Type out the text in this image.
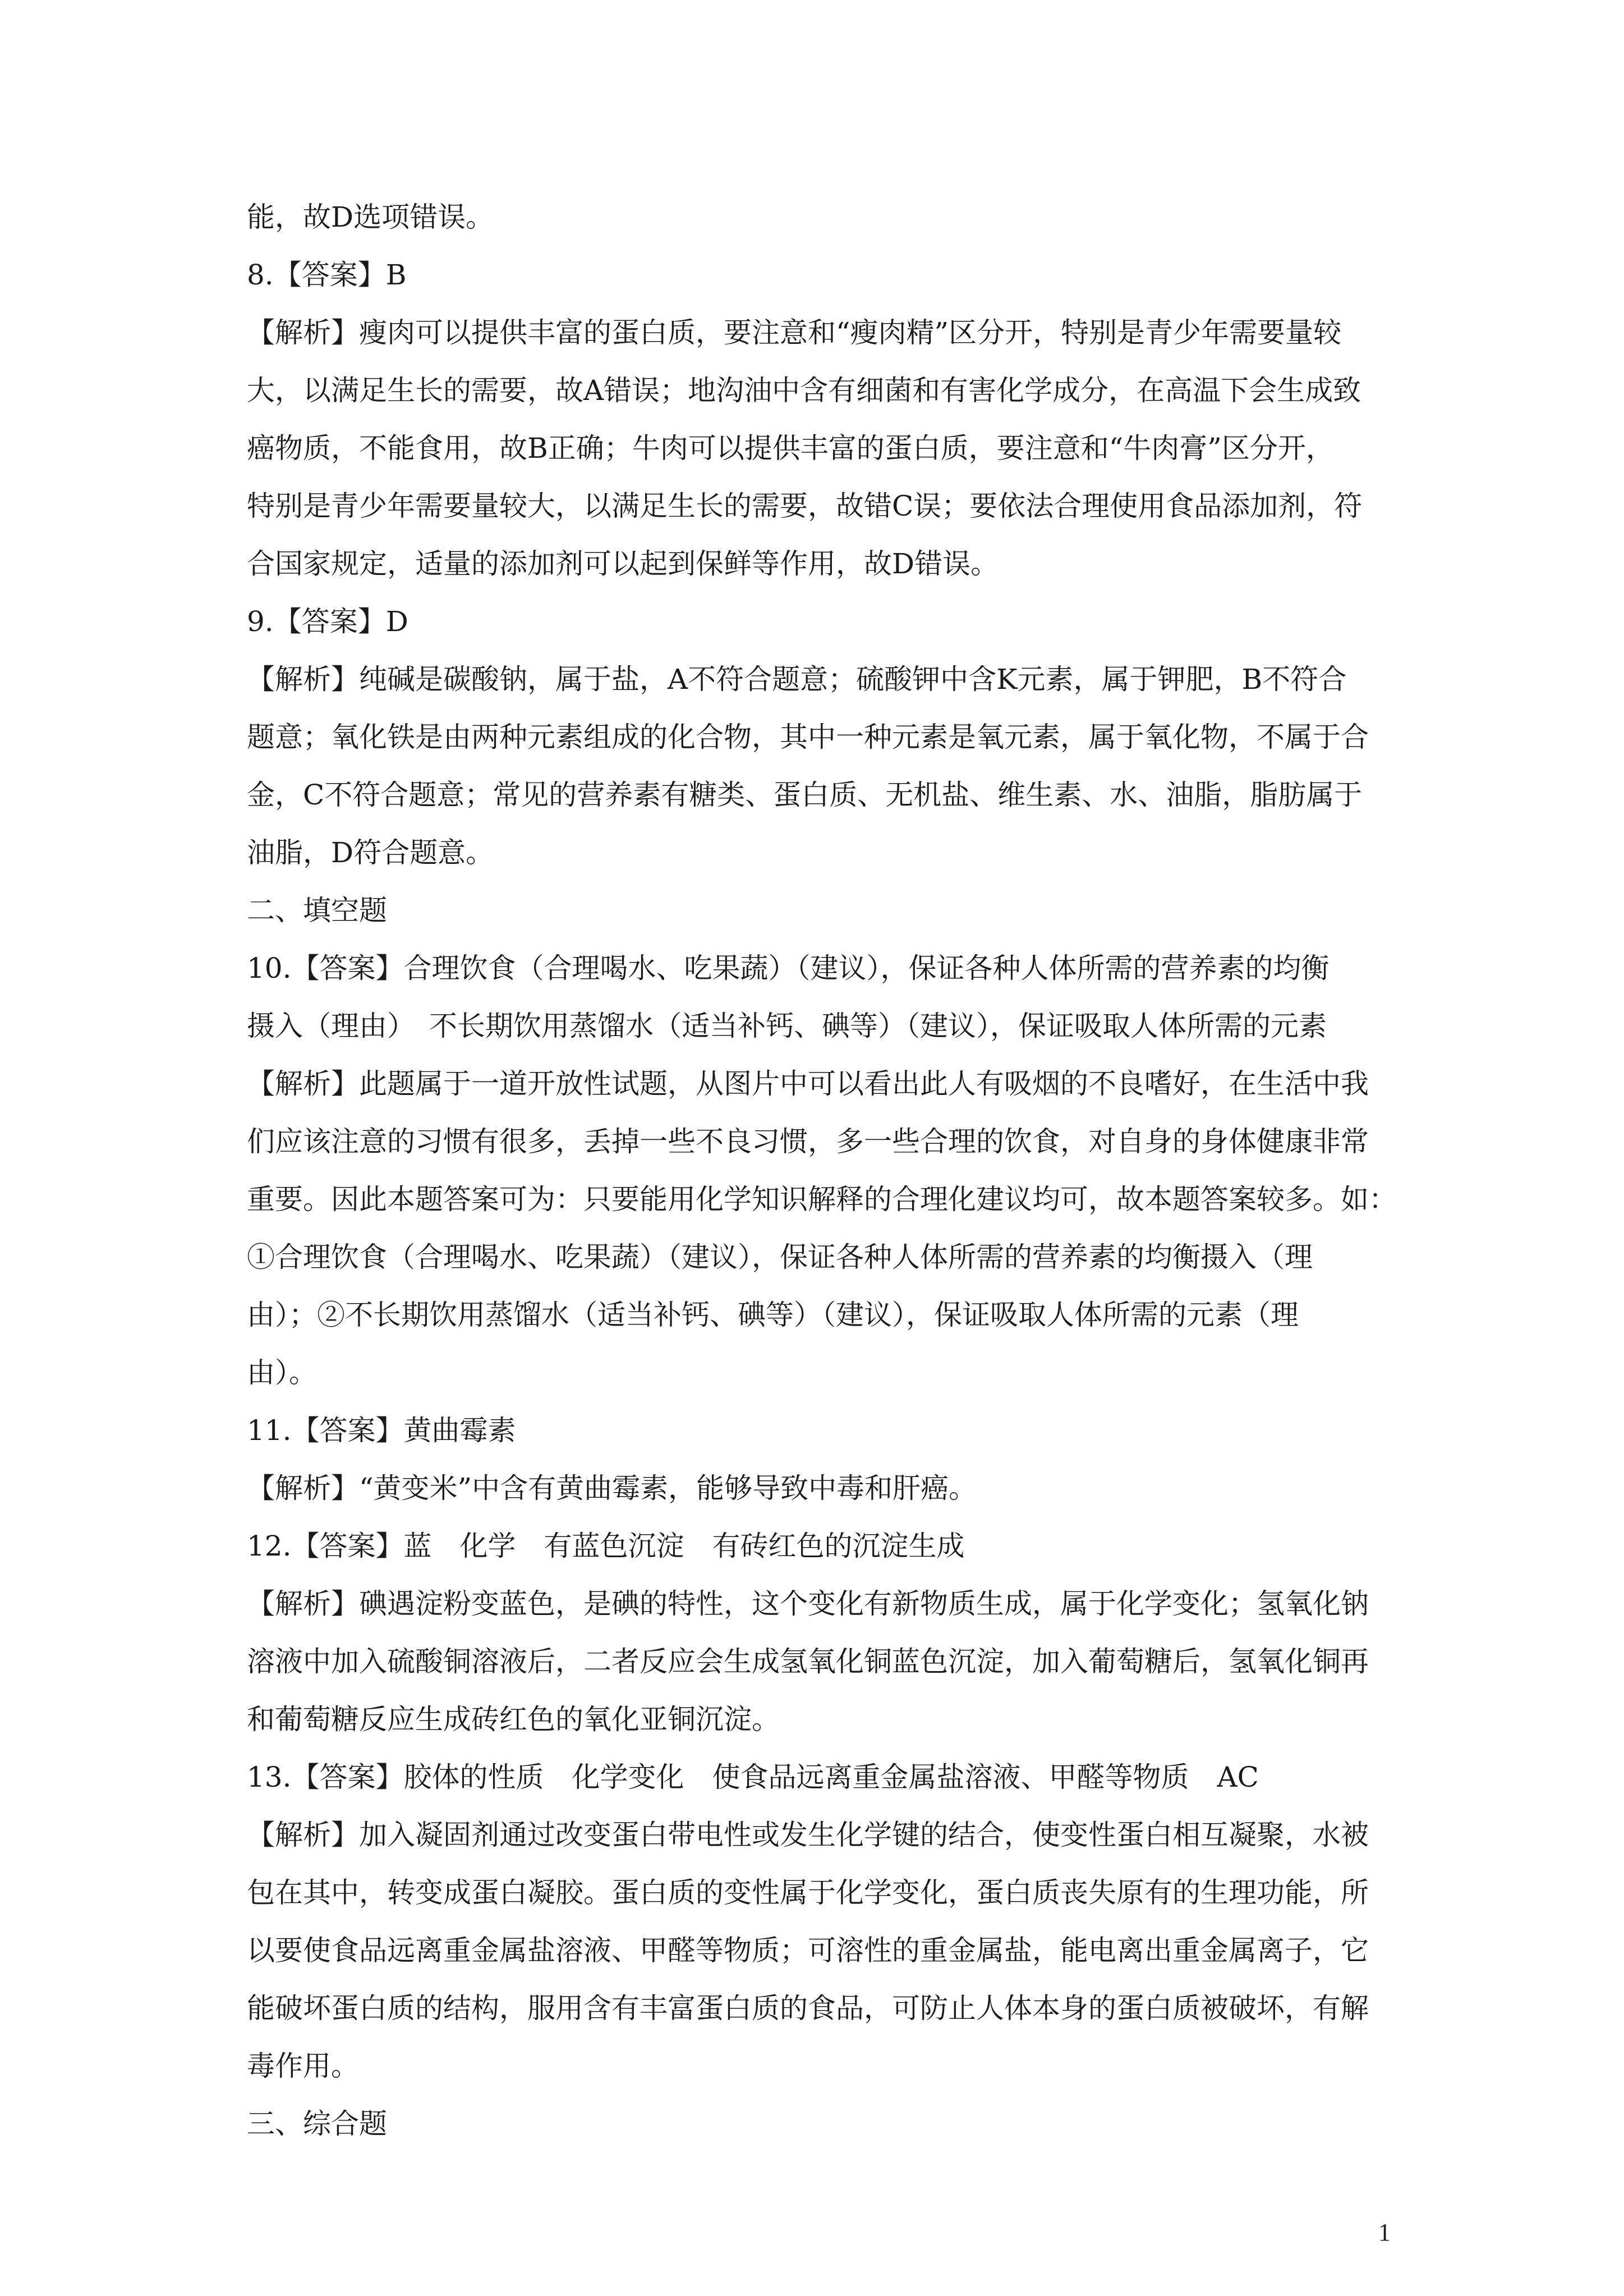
能，故D选项错误。
8.【答案】B
【解析】瘦肉可以提供丰富的蛋白质，要注意和“瘦肉精”区分开，特别是青少年需要量较
大，以满足生长的需要，故A错误；地沟油中含有细菌和有害化学成分，在高温下会生成致
癌物质，不能食用，故B正确；牛肉可以提供丰富的蛋白质，要注意和“牛肉膏”区分开，
特别是青少年需要量较大，以满足生长的需要，故错C误；要依法合理使用食品添加剂，符
合国家规定，适量的添加剂可以起到保鲜等作用，故D错误。
9.【答案】D
【解析】纯碱是碳酸钠，属于盐，A不符合题意；硫酸钾中含K元素，属于钾肥，B不符合
题意；氧化铁是由两种元素组成的化合物，其中一种元素是氧元素，属于氧化物，不属于合
金，C不符合题意；常见的营养素有糖类、蛋白质、无机盐、维生素、水、油脂，脂肪属于
油脂，D符合题意。
二、填空题
10.【答案】合理饮食（合理喝水、吃果蔬）（建议），保证各种人体所需的营养素的均衡
摄入（理由）　不长期饮用蒸馏水（适当补钙、碘等）（建议），保证吸取人体所需的元素
【解析】此题属于一道开放性试题，从图片中可以看出此人有吸烟的不良嗜好，在生活中我
们应该注意的习惯有很多，丢掉一些不良习惯，多一些合理的饮食，对自身的身体健康非常
重要。因此本题答案可为：只要能用化学知识解释的合理化建议均可，故本题答案较多。如：
①合理饮食（合理喝水、吃果蔬）（建议），保证各种人体所需的营养素的均衡摄入（理
由）；②不长期饮用蒸馏水（适当补钙、碘等）（建议），保证吸取人体所需的元素（理
由）。
11.【答案】黄曲霉素
【解析】“黄变米”中含有黄曲霉素，能够导致中毒和肝癌。
12.【答案】蓝　化学　有蓝色沉淀　有砖红色的沉淀生成
【解析】碘遇淀粉变蓝色，是碘的特性，这个变化有新物质生成，属于化学变化；氢氧化钠
溶液中加入硫酸铜溶液后，二者反应会生成氢氧化铜蓝色沉淀，加入葡萄糖后，氢氧化铜再
和葡萄糖反应生成砖红色的氧化亚铜沉淀。
13.【答案】胶体的性质　化学变化　使食品远离重金属盐溶液、甲醛等物质　AC
【解析】加入凝固剂通过改变蛋白带电性或发生化学键的结合，使变性蛋白相互凝聚，水被
包在其中，转变成蛋白凝胶。蛋白质的变性属于化学变化，蛋白质丧失原有的生理功能，所
以要使食品远离重金属盐溶液、甲醛等物质；可溶性的重金属盐，能电离出重金属离子，它
能破坏蛋白质的结构，服用含有丰富蛋白质的食品，可防止人体本身的蛋白质被破坏，有解
毒作用。
三、综合题
1
